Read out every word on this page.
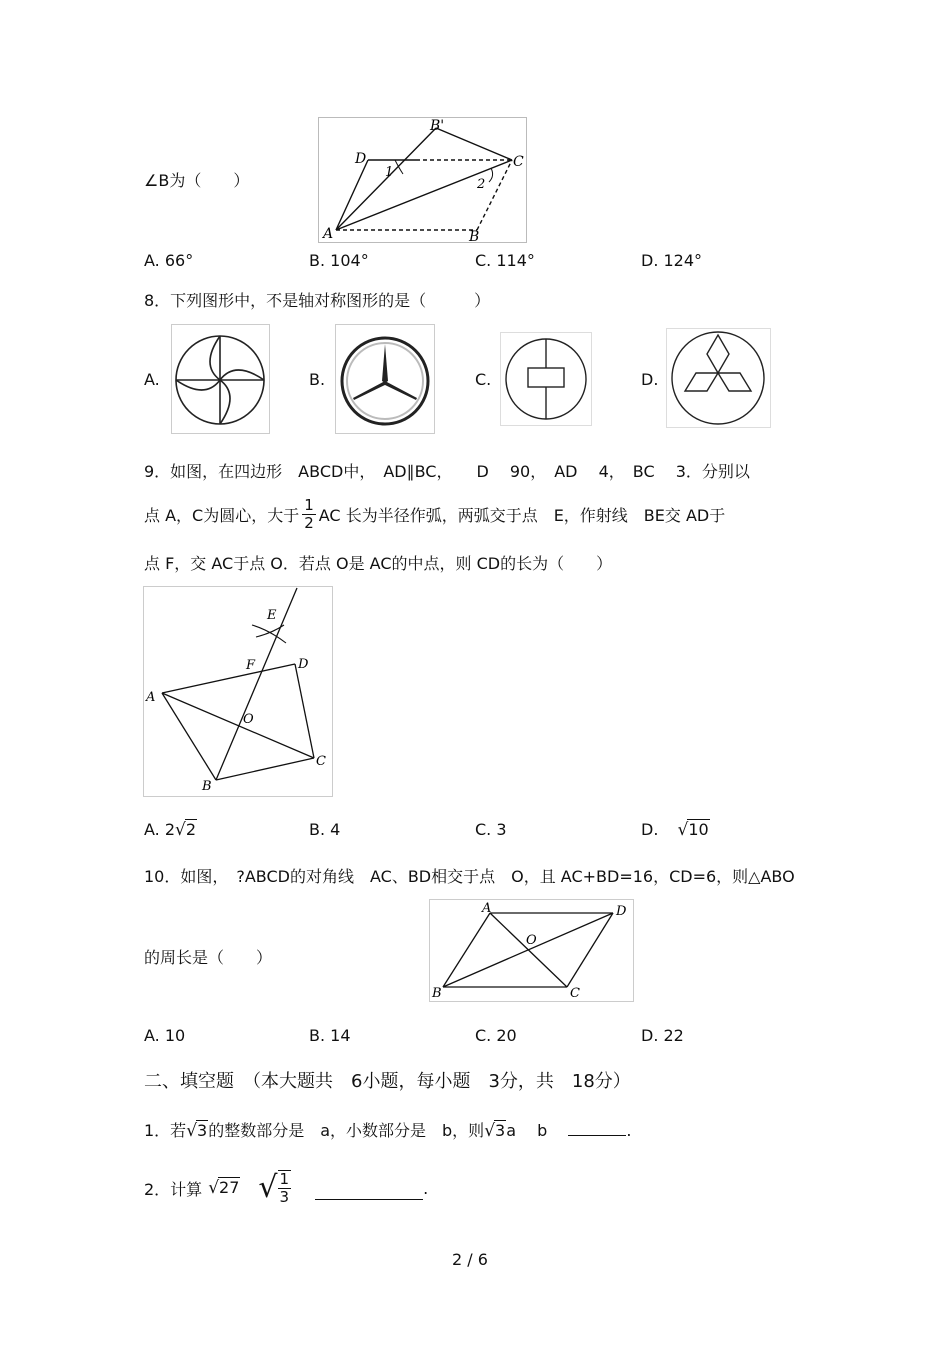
∠B为（　　）
A	B
B'
C
D
1
2
A. 66°	B. 104°	C. 114°	D. 124°
8．下列图形中，不是轴对称图形的是（　　　）
A.	B.	C.	D.
9．如图，在四边形　ABCD中，　AD∥BC，　　D　 90，　AD　 4，　BC　 3．分别以
点 A，C为圆心，大于 $\frac{1}{2}$ AC 长为半径作弧，两弧交于点　E，作射线　BE交 AD于
点 F，交 AC于点 O．若点 O是 AC的中点，则 CD的长为（　　）
A
B
C
D
E
F
O
A. 2√2	B. 4	C. 3	D. √10
10．如图，　?ABCD的对角线　AC、BD相交于点　O，且 AC+BD=16，CD=6，则△ABO
的周长是（　　）
A
B	C
D
O
A. 10	B. 14	C. 20	D. 22
二、填空题　（本大题共　6小题，每小题　3分，共　18分）
1．若√3的整数部分是　a，小数部分是　b，则√3a　 b	.
2．计算 √27 √ $\frac{1}{3}$	.
2 / 6
